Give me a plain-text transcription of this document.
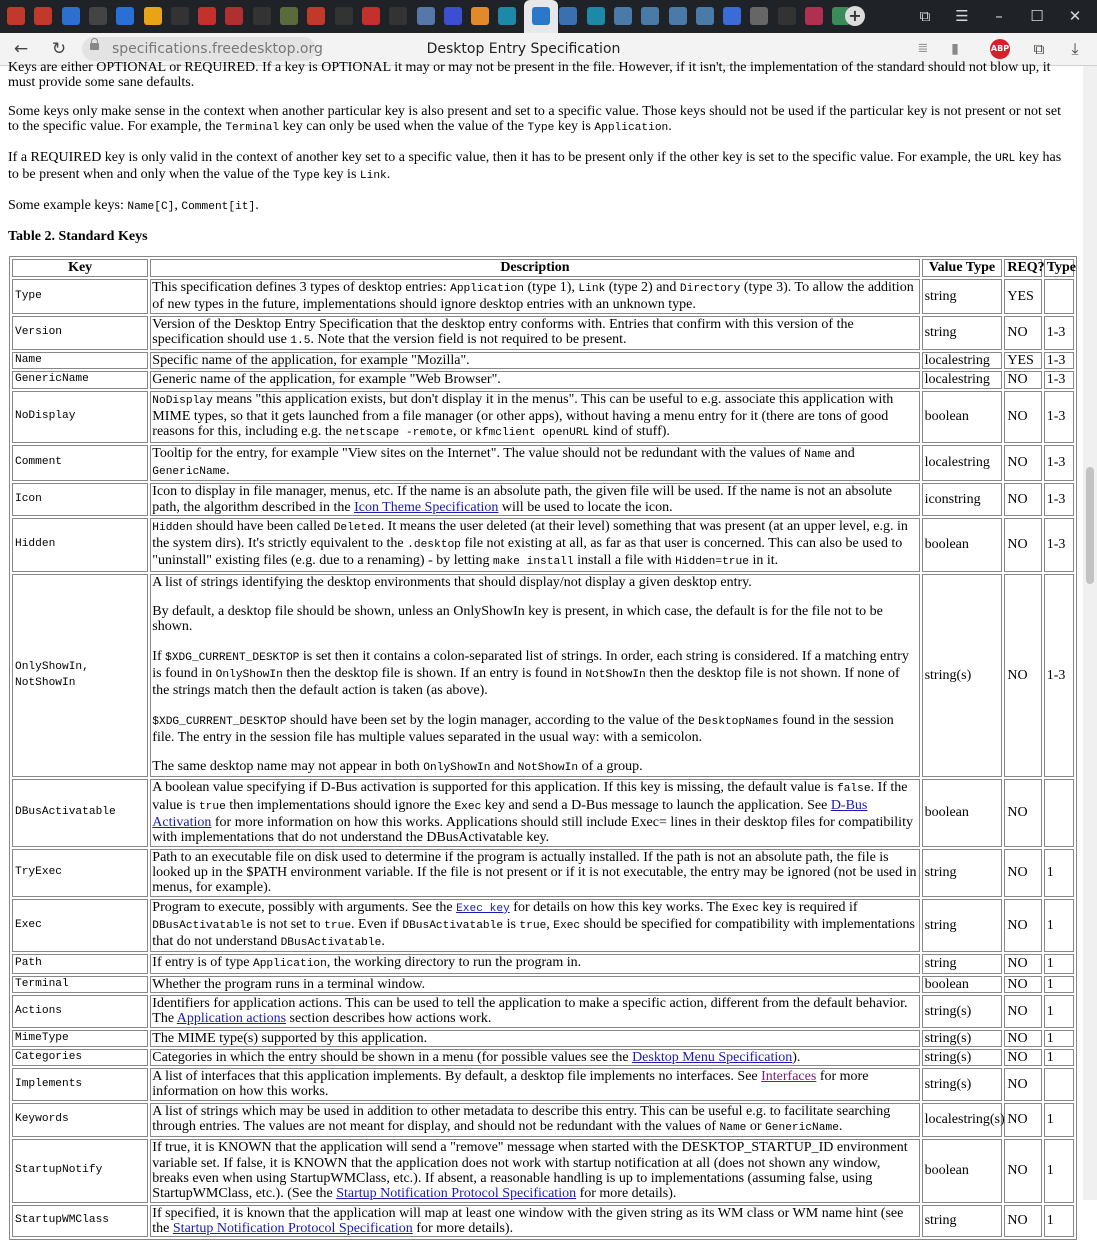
+	⧉	☰	–	☐	✕
← ↻	specifications.freedesktop.org	Desktop Entry Specification	≣	▮	ABP	⧉	⤓

Keys are either OPTIONAL or REQUIRED. If a key is OPTIONAL it may or may not be present in the file. However, if it isn't, the implementation of the standard should not blow up, it must provide some sane defaults.

Some keys only make sense in the context when another particular key is also present and set to a specific value. Those keys should not be used if the particular key is not present or not set to the specific value. For example, the Terminal key can only be used when the value of the Type key is Application.

If a REQUIRED key is only valid in the context of another key set to a specific value, then it has to be present only if the other key is set to the specific value. For example, the URL key has to be present when and only when the value of the Type key is Link.

Some example keys: Name[C], Comment[it].

Table 2. Standard Keys
Key	Description	Value Type	REQ?	Type
Type	This specification defines 3 types of desktop entries: Application (type 1), Link (type 2) and Directory (type 3). To allow the addition of new types in the future, implementations should ignore desktop entries with an unknown type.	string	YES	
Version	Version of the Desktop Entry Specification that the desktop entry conforms with. Entries that confirm with this version of the specification should use 1.5. Note that the version field is not required to be present.	string	NO	1-3
Name	Specific name of the application, for example "Mozilla".	localestring	YES	1-3
GenericName	Generic name of the application, for example "Web Browser".	localestring	NO	1-3
NoDisplay	NoDisplay means "this application exists, but don't display it in the menus". This can be useful to e.g. associate this application with MIME types, so that it gets launched from a file manager (or other apps), without having a menu entry for it (there are tons of good reasons for this, including e.g. the netscape -remote, or kfmclient openURL kind of stuff).	boolean	NO	1-3
Comment	Tooltip for the entry, for example "View sites on the Internet". The value should not be redundant with the values of Name and GenericName.	localestring	NO	1-3
Icon	Icon to display in file manager, menus, etc. If the name is an absolute path, the given file will be used. If the name is not an absolute path, the algorithm described in the Icon Theme Specification will be used to locate the icon.	iconstring	NO	1-3
Hidden	Hidden should have been called Deleted. It means the user deleted (at their level) something that was present (at an upper level, e.g. in the system dirs). It's strictly equivalent to the .desktop file not existing at all, as far as that user is concerned. This can also be used to "uninstall" existing files (e.g. due to a renaming) - by letting make install install a file with Hidden=true in it.	boolean	NO	1-3
OnlyShowIn, NotShowIn	A list of strings identifying the desktop environments that should display/not display a given desktop entry.
By default, a desktop file should be shown, unless an OnlyShowIn key is present, in which case, the default is for the file not to be shown.
If $XDG_CURRENT_DESKTOP is set then it contains a colon-separated list of strings. In order, each string is considered. If a matching entry is found in OnlyShowIn then the desktop file is shown. If an entry is found in NotShowIn then the desktop file is not shown. If none of the strings match then the default action is taken (as above).
$XDG_CURRENT_DESKTOP should have been set by the login manager, according to the value of the DesktopNames found in the session file. The entry in the session file has multiple values separated in the usual way: with a semicolon.
The same desktop name may not appear in both OnlyShowIn and NotShowIn of a group.	string(s)	NO	1-3
DBusActivatable	A boolean value specifying if D-Bus activation is supported for this application. If this key is missing, the default value is false. If the value is true then implementations should ignore the Exec key and send a D-Bus message to launch the application. See D-Bus Activation for more information on how this works. Applications should still include Exec= lines in their desktop files for compatibility with implementations that do not understand the DBusActivatable key.	boolean	NO	
TryExec	Path to an executable file on disk used to determine if the program is actually installed. If the path is not an absolute path, the file is looked up in the $PATH environment variable. If the file is not present or if it is not executable, the entry may be ignored (not be used in menus, for example).	string	NO	1
Exec	Program to execute, possibly with arguments. See the Exec key for details on how this key works. The Exec key is required if DBusActivatable is not set to true. Even if DBusActivatable is true, Exec should be specified for compatibility with implementations that do not understand DBusActivatable.	string	NO	1
Path	If entry is of type Application, the working directory to run the program in.	string	NO	1
Terminal	Whether the program runs in a terminal window.	boolean	NO	1
Actions	Identifiers for application actions. This can be used to tell the application to make a specific action, different from the default behavior. The Application actions section describes how actions work.	string(s)	NO	1
MimeType	The MIME type(s) supported by this application.	string(s)	NO	1
Categories	Categories in which the entry should be shown in a menu (for possible values see the Desktop Menu Specification).	string(s)	NO	1
Implements	A list of interfaces that this application implements. By default, a desktop file implements no interfaces. See Interfaces for more information on how this works.	string(s)	NO	
Keywords	A list of strings which may be used in addition to other metadata to describe this entry. This can be useful e.g. to facilitate searching through entries. The values are not meant for display, and should not be redundant with the values of Name or GenericName.	localestring(s)	NO	1
StartupNotify	If true, it is KNOWN that the application will send a "remove" message when started with the DESKTOP_STARTUP_ID environment variable set. If false, it is KNOWN that the application does not work with startup notification at all (does not shown any window, breaks even when using StartupWMClass, etc.). If absent, a reasonable handling is up to implementations (assuming false, using StartupWMClass, etc.). (See the Startup Notification Protocol Specification for more details).	boolean	NO	1
StartupWMClass	If specified, it is known that the application will map at least one window with the given string as its WM class or WM name hint (see the Startup Notification Protocol Specification for more details).	string	NO	1
